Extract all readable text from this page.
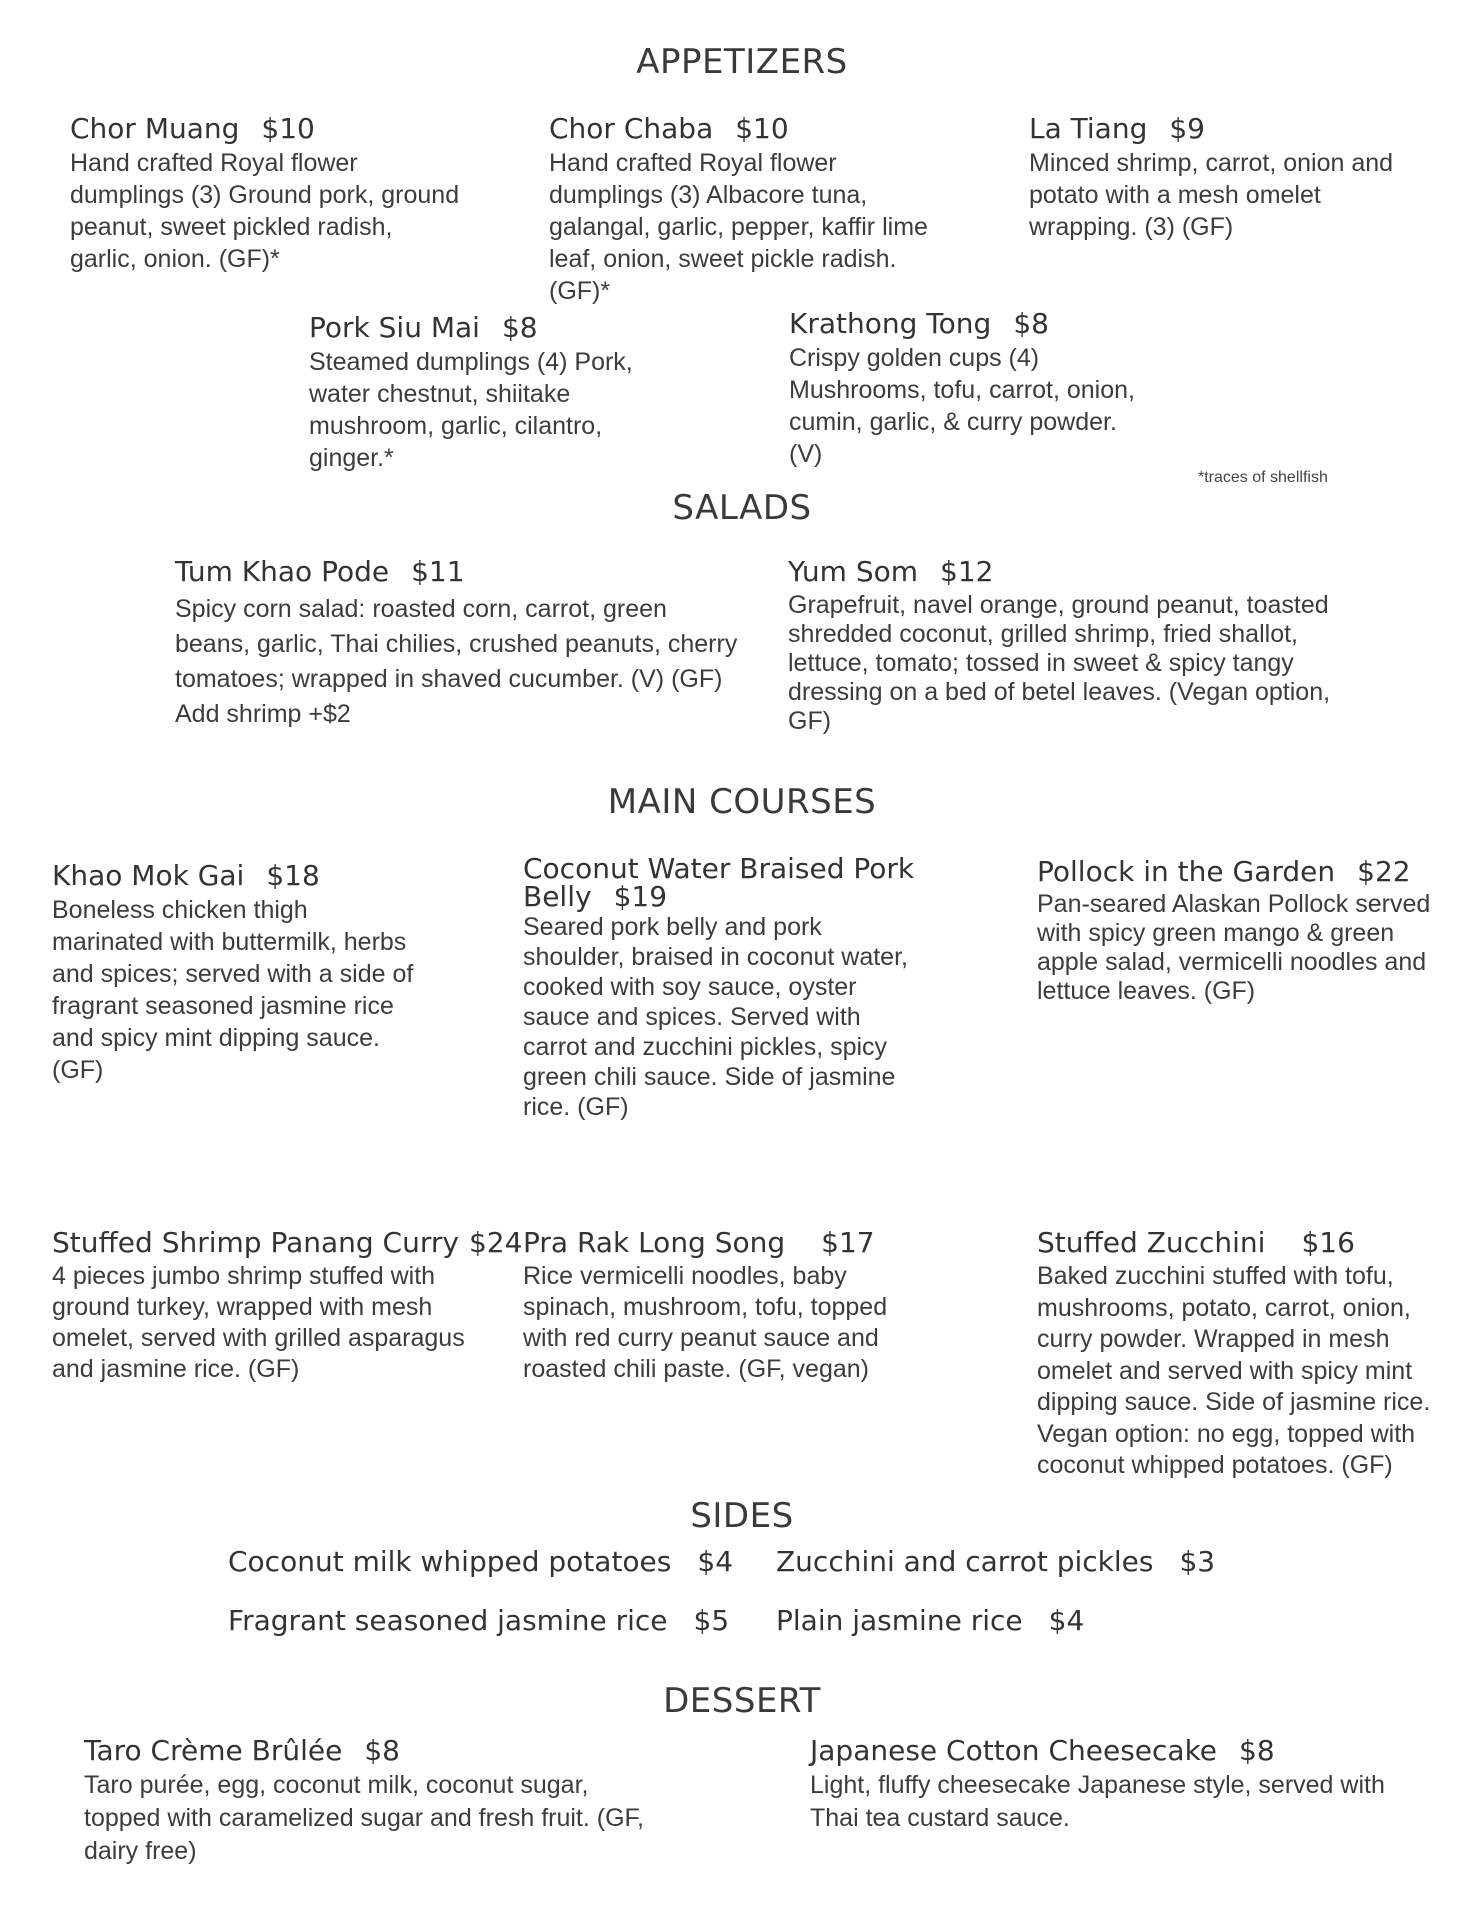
APPETIZERS
Chor Muang $10
Hand crafted Royal flower dumplings (3) Ground pork, ground peanut, sweet pickled radish, garlic, onion. (GF)*
Chor Chaba $10
Hand crafted Royal flower dumplings (3) Albacore tuna, galangal, garlic, pepper, kaffir lime leaf, onion, sweet pickle radish. (GF)*
La Tiang $9
Minced shrimp, carrot, onion and potato with a mesh omelet wrapping. (3) (GF)
Pork Siu Mai $8
Steamed dumplings (4) Pork, water chestnut, shiitake mushroom, garlic, cilantro, ginger.*
Krathong Tong $8
Crispy golden cups (4) Mushrooms, tofu, carrot, onion, cumin, garlic, & curry powder. (V)
*traces of shellfish
SALADS
Tum Khao Pode $11
Spicy corn salad: roasted corn, carrot, green beans, garlic, Thai chilies, crushed peanuts, cherry tomatoes; wrapped in shaved cucumber. (V) (GF) Add shrimp +$2
Yum Som $12
Grapefruit, navel orange, ground peanut, toasted shredded coconut, grilled shrimp, fried shallot, lettuce, tomato; tossed in sweet & spicy tangy dressing on a bed of betel leaves. (Vegan option, GF)
MAIN COURSES
Khao Mok Gai $18
Boneless chicken thigh marinated with buttermilk, herbs and spices; served with a side of fragrant seasoned jasmine rice and spicy mint dipping sauce. (GF)
Coconut Water Braised Pork Belly $19
Seared pork belly and pork shoulder, braised in coconut water, cooked with soy sauce, oyster sauce and spices. Served with carrot and zucchini pickles, spicy green chili sauce. Side of jasmine rice. (GF)
Pollock in the Garden $22
Pan-seared Alaskan Pollock served with spicy green mango & green apple salad, vermicelli noodles and lettuce leaves. (GF)
Stuffed Shrimp Panang Curry $24
4 pieces jumbo shrimp stuffed with ground turkey, wrapped with mesh omelet, served with grilled asparagus and jasmine rice. (GF)
Pra Rak Long Song $17
Rice vermicelli noodles, baby spinach, mushroom, tofu, topped with red curry peanut sauce and roasted chili paste. (GF, vegan)
Stuffed Zucchini $16
Baked zucchini stuffed with tofu, mushrooms, potato, carrot, onion, curry powder. Wrapped in mesh omelet and served with spicy mint dipping sauce. Side of jasmine rice. Vegan option: no egg, topped with coconut whipped potatoes. (GF)
SIDES
Coconut milk whipped potatoes $4 Zucchini and carrot pickles $3
Fragrant seasoned jasmine rice $5 Plain jasmine rice $4
DESSERT
Taro Crème Brûlée $8
Taro purée, egg, coconut milk, coconut sugar, topped with caramelized sugar and fresh fruit. (GF, dairy free)
Japanese Cotton Cheesecake $8
Light, fluffy cheesecake Japanese style, served with Thai tea custard sauce.
